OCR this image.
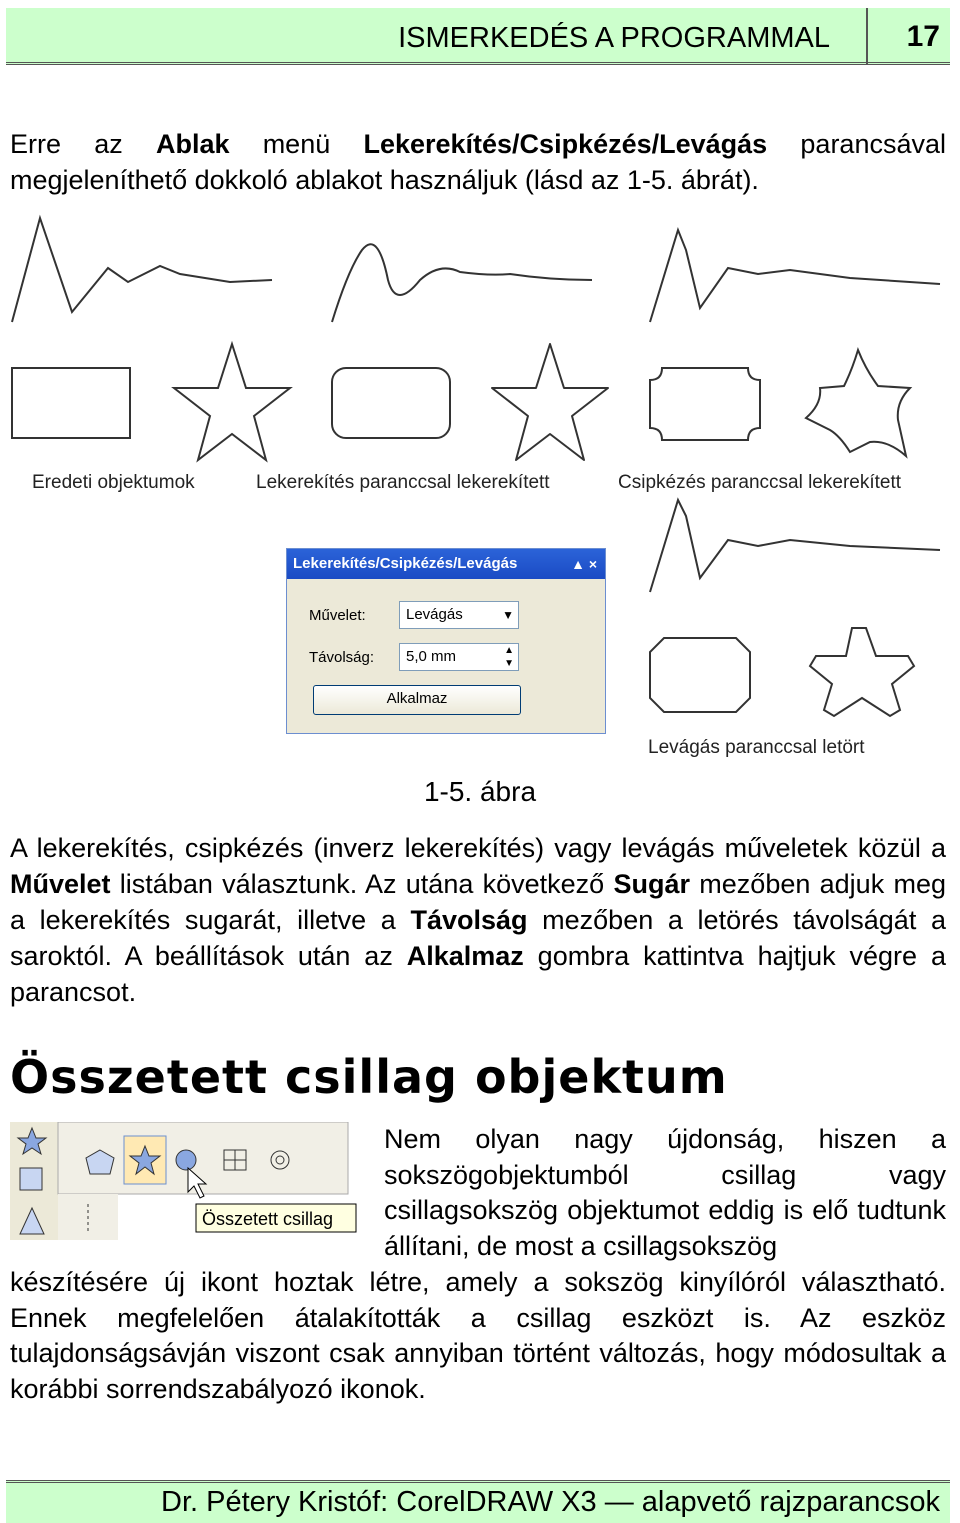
ISMERKEDÉS A PROGRAMMAL	17
Erre az Ablak menü Lekerekítés/Csipkézés/Levágás parancsával megjeleníthető dokkoló ablakot használjuk (lásd az 1-5. ábrát).
Eredeti objektumok	Lekerekítés paranccsal lekerekített	Csipkézés paranccsal lekerekített
Levágás paranccsal letört
Lekerekítés/Csipkézés/Levágás	▲ ×
Művelet:	Levágás	▼
Távolság:	5,0 mm	▲
▼
Alkalmaz
1-5. ábra
A lekerekítés, csipkézés (inverz lekerekítés) vagy levágás műveletek közül a Művelet listában választunk. Az utána következő Sugár mezőben adjuk meg a lekerekítés sugarát, illetve a Távolság mezőben a letörés távolságát a saroktól. A beállítások után az Alkalmaz gombra kattintva hajtjuk végre a parancsot.
Összetett csillag objektum
Összetett csillag
Nem olyan nagy újdonság, hiszen a sokszögobjektumból csillag vagy csillagsokszög objektumot eddig is elő tudtunk állítani, de most a csillagsokszög
készítésére új ikont hoztak létre, amely a sokszög kinyílóról választható. Ennek megfelelően átalakították a csillag eszközt is. Az eszköz tulajdonságsávján viszont csak annyiban történt változás, hogy módosultak a korábbi sorrendszabályozó ikonok.
Dr. Pétery Kristóf: CorelDRAW X3 — alapvető rajzparancsok
